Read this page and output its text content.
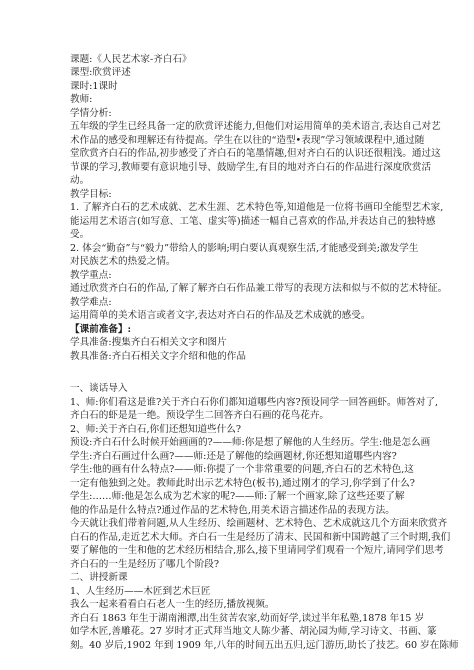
课题:《人民艺术家-齐白石》
课型:欣赏评述
课时:1课时
教师:
学情分析:
五年级的学生已经具备一定的欣赏评述能力,但他们对运用简单的美术语言,表达自己对艺
术作品的感受和理解还有待提高。学生在以往的“造型•表现”学习领域课程中,通过随
堂欣赏齐白石的作品,初步感受了齐白石的笔墨情趣,但对齐白石的认识还很粗浅。通过这
节课的学习,教师要有意识地引导、鼓励学生,有目的地对齐白石的作品进行深度欣赏活
动。
教学目标:
1. 了解齐白石的艺术成就、艺术生涯、艺术特色等,知道他是一位将书画印全能型艺术家,
能运用艺术语言(如写意、工笔、虚实等)描述一幅自己喜欢的作品,并表达自己的独特感
受。
2. 体会“勤奋”与“毅力”带给人的影响;明白要认真观察生活,才能感受到美;激发学生
对民族艺术的热爱之情。
教学重点:
通过欣赏齐白石的作品,了解了解齐白石作品兼工带写的表现方法和似与不似的艺术特征。
教学难点:
运用简单的美术语言或者文字,表达对齐白石的作品及艺术成就的感受。
【课前准备】:
学具准备:搜集齐白石相关文字和图片
教具准备:齐白石相关文字介绍和他的作品
一、谈话导入
1、师:你们看这是谁?关于齐白石你们都知道哪些内容?预设同学一回答画虾。师答对了,
齐白石的虾是是一绝。预设学生二回答齐白石画的花鸟花卉。
2、师:关于齐白石,你们还想知道些什么?
预设:齐白石什么时候开始画画的?——师:你是想了解他的人生经历。学生:他是怎么画
学生:齐白石画过什么画?——师:还是了解他的绘画题材,你还想知道哪些内容?
学生:他的画有什么特点?——师:你提了一个非常重要的问题,齐白石的艺术特色,这
一定有他独到之处。教师此时出示艺术特色(板书),通过刚才的学习,你学到了什么?
学生:……师:他是怎么成为艺术家的呢?——师:了解一个画家,除了这些还要了解
他的作品是什么特点?通过作品的艺术特色,用美术语言描述作品的表现方法。
今天就让我们带着问题,从人生经历、绘画题材、艺术特色、艺术成就这几个方面来欣赏齐
白石的作品,走近艺术大师。齐白石一生是经历了清末、民国和新中国跨越了三个时期,我们
要了解他的一生和他的艺术经历相结合,那么,接下里请同学们观看一个短片,请同学们思考
齐白石的一生是经历了哪几个阶段?
二、讲授新课
1、人生经历——木匠到艺术巨匠
我么一起来看看白石老人一生的经历,播放视频。
齐白石 1863 年生于湖南湘潭,出生贫苦农家,幼而好学,读过半年私塾,1878 年15 岁
如学木匠,善雕花。27 岁时才正式拜当地文人陈少蕃、胡沁园为师,学习诗文、书画、篆
刻。40 岁后,1902 年到 1909 年,八年的时间五出五归,远门游历,助长了技艺。60 岁在陈师
